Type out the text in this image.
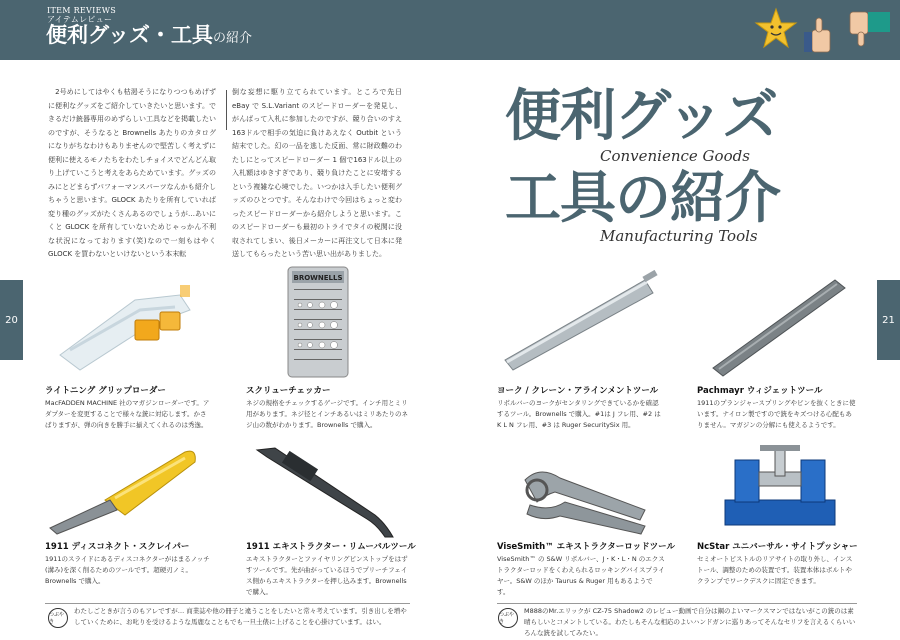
ITEM REVIEWS
アイテムレビュー
便利グッズ・工具の紹介
　2号めにしてはやくも枯渇そうになりつつもめげずに便利なグッズをご紹介していきたいと思います。できるだけ銃器専用のめずらしい工具などを掲載したいのですが、そうなると Brownells あたりのカタログになりがちなわけもありませんので堅苦しく考えずに便利に使えるモノたちをわたしチョイスでどんどん取り上げていこうと考えをあらためています。グッズのみにとどまらずパフォーマンスパーツなんかも紹介しちゃうと思います。GLOCK あたりを所有していれば変り種のグッズがたくさんあるのでしょうが…あいにくと GLOCK を所有していないためじゃっかん不利な状況になっております(笑)なので一刻もはやく GLOCK を買わないといけないという本末転
倒な妄想に駆り立てられています。ところで先日 eBay で S.L.Variant のスピードローダーを発見し、がんばって入札に参加したのですが、競り合いのすえ163ドルで相手の気迫に負けあえなく Outbit という結末でした。幻の一品を逃した反面、常に財政難のわたしにとってスピードローダー 1 個で163ドル以上の入札額はゆきすぎであり、競り負けたことに安堵するという複雑な心境でした。いつかは入手したい便利グッズのひとつです。そんなわけで今回はちょっと変わったスピードローダーから紹介しようと思います。このスピードローダーも最初のトライでタイの税関に没収されてしまい、後日メーカーに再注文して日本に発送してもらったという苦い思い出がありました。
便利グッズ
Convenience Goods
工具の紹介
Manufacturing Tools
20	21
BROWNELLS
ライトニング グリップローダー
MacFADDEN MACHINE 社のマガジンローダーです。アダプターを変更することで様々な銃に対応します。かさばりますが、弾の向きを勝手に揃えてくれるのは秀逸。
スクリューチェッカー
ネジの規格をチェックするゲージです。インチ用とミリ用があります。ネジ径とインチあるいはミリあたりのネジ山の数がわかります。Brownells で購入。
ヨーク / クレーン・アラインメントツール
リボルバーのヨークがセンタリングできているかを確認するツール。Brownells で購入。#1は J フレ用、#2 は K L N フレ用、#3 は Ruger SecuritySix 用。
Pachmayr ウィジェットツール
1911のプランジャースプリングやピンを抜くときに使います。ナイロン製ですので銃をキズつける心配もありません。マガジンの分解にも使えるようです。
1911 ディスコネクト・スクレイパー
1911のスライドにあるディスコネクターがはまるノッチ(溝み)を深く削るためのツールです。超硬刃ノミ。Brownells で購入。
1911 エキストラクター・リムーバルツール
エキストラクターとファイヤリングピンストップをはずすツールです。先が曲がっているほうでプリーチフェイス側からエキストラクターを押し込みます。Brownells で購入。
ViseSmith™ エキストラクターロッドツール
ViseSmith™ の S&W リボルバー、J・K・L・N のエクストラクターロッドをくわえられるロッキングバイスプライヤー。S&W のほか Taurus & Ruger 用もあるようです。
NcStar ユニバーサル・サイトプッシャー
セミオートピストルのリアサイトの取り外し、インストール、調整のための装置です。装置本体はボルトやクランプでワークデスクに固定できます。
つぶやき
わたしごときが言うのもアレですが… 商業誌や他の冊子と違うことをしたいと常々考えています。引き出しを増やしていくために、お叱りを受けるような馬鹿なこともでも一旦土俵に上げることを心掛けています。はい。
つぶやき
M888のMr.エリックが CZ-75 Shadow2 のレビュー動画で自分は鋼のよいマークスマンではないがこの銃のは素晴らしいとコメントしている。わたしもそんな相応のよいハンドガンに巡りあってそんなセリフを言えるくらいいろんな銃を試してみたい。
